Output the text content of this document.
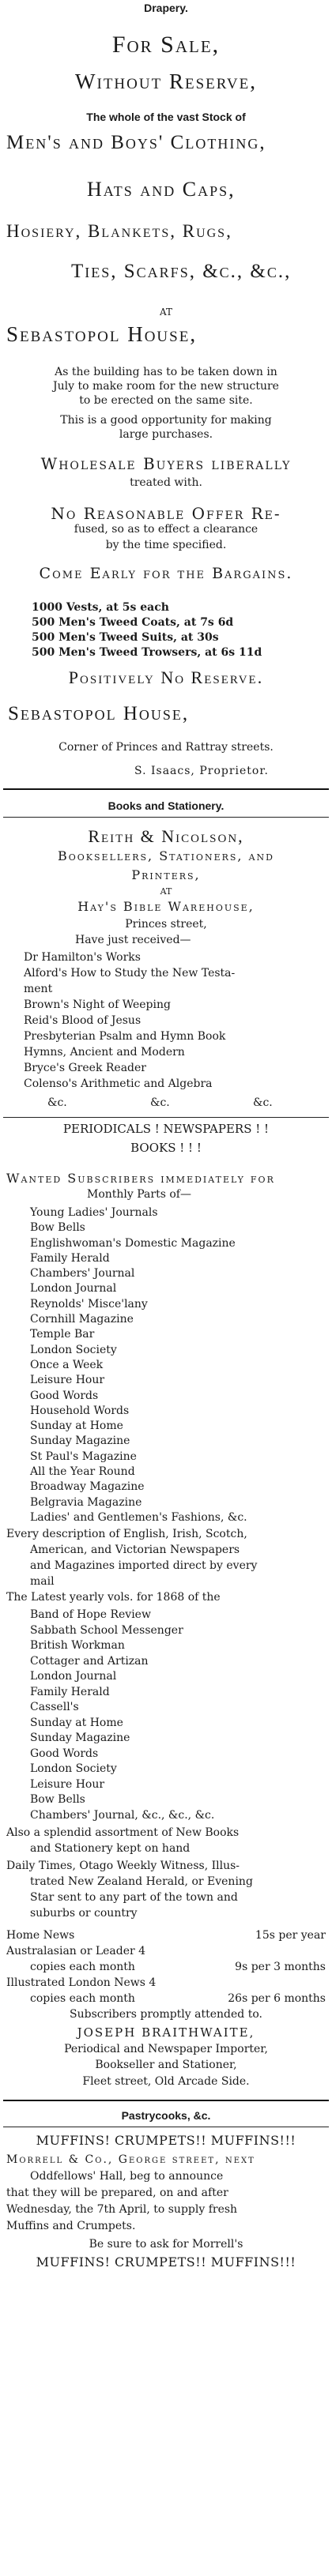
Drapery.
For Sale,
Without Reserve,
The whole of the vast Stock of
Men's and Boys' Clothing,
Hats and Caps,
Hosiery, Blankets, Rugs,
Ties, Scarfs, &c., &c.,
AT
Sebastopol House,
As the building has to be taken down in
July to make room for the new structure
to be erected on the same site.
This is a good opportunity for making
large purchases.
Wholesale Buyers liberally
treated with.
No Reasonable Offer Re-
fused, so as to effect a clearance
by the time specified.
Come Early for the Bargains.
1000 Vests, at 5s each
500 Men's Tweed Coats, at 7s 6d
500 Men's Tweed Suits, at 30s
500 Men's Tweed Trowsers, at 6s 11d
Positively No Reserve.
Sebastopol House,
Corner of Princes and Rattray streets.
S. Isaacs, Proprietor.
Books and Stationery.
Reith & Nicolson,
Booksellers, Stationers, and
Printers,
AT
Hay's Bible Warehouse,
Princes street,
Have just received—
Dr Hamilton's Works
Alford's How to Study the New Testa-
ment
Brown's Night of Weeping
Reid's Blood of Jesus
Presbyterian Psalm and Hymn Book
Hymns, Ancient and Modern
Bryce's Greek Reader
Colenso's Arithmetic and Algebra
&c.	&c.	&c.
PERIODICALS ! NEWSPAPERS ! !
BOOKS ! ! !
Wanted Subscribers immediately for
Monthly Parts of—
Young Ladies' Journals
Bow Bells
Englishwoman's Domestic Magazine
Family Herald
Chambers' Journal
London Journal
Reynolds' Misce'lany
Cornhill Magazine
Temple Bar
London Society
Once a Week
Leisure Hour
Good Words
Household Words
Sunday at Home
Sunday Magazine
St Paul's Magazine
All the Year Round
Broadway Magazine
Belgravia Magazine
Ladies' and Gentlemen's Fashions, &c.
Every description of English, Irish, Scotch,
American, and Victorian Newspapers
and Magazines imported direct by every
mail
The Latest yearly vols. for 1868 of the
Band of Hope Review
Sabbath School Messenger
British Workman
Cottager and Artizan
London Journal
Family Herald
Cassell's
Sunday at Home
Sunday Magazine
Good Words
London Society
Leisure Hour
Bow Bells
Chambers' Journal, &c., &c., &c.
Also a splendid assortment of New Books
and Stationery kept on hand
Daily Times, Otago Weekly Witness, Illus-
trated New Zealand Herald, or Evening
Star sent to any part of the town and
suburbs or country
Home News	15s per year
Australasian or Leader 4
copies each month	9s per 3 months
Illustrated London News 4
copies each month	26s per 6 months
Subscribers promptly attended to.
JOSEPH BRAITHWAITE,
Periodical and Newspaper Importer,
Bookseller and Stationer,
Fleet street, Old Arcade Side.
Pastrycooks, &c.
MUFFINS! CRUMPETS!! MUFFINS!!!
Morrell & Co., George street, next
Oddfellows' Hall, beg to announce
that they will be prepared, on and after
Wednesday, the 7th April, to supply fresh
Muffins and Crumpets.
Be sure to ask for Morrell's
MUFFINS! CRUMPETS!! MUFFINS!!!
